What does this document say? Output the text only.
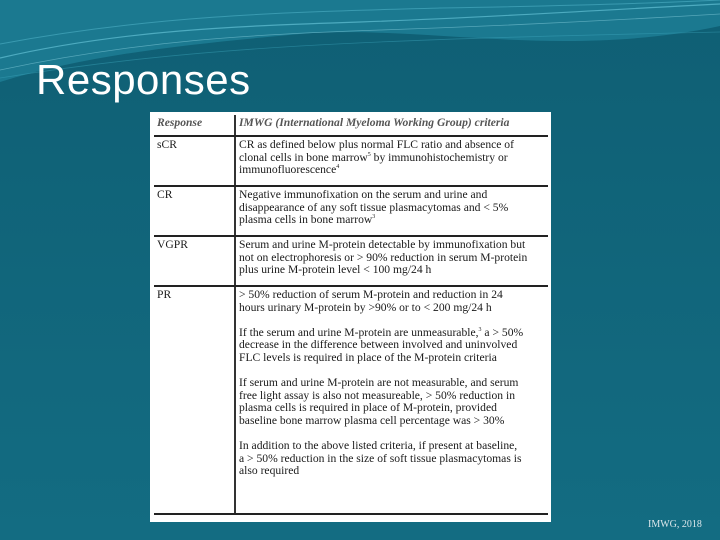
Responses
Response	IMWG (International Myeloma Working Group) criteria
sCR	CR as defined below plus normal FLC ratio and absence of
clonal cells in bone marrow$^5$ by immunohistochemistry or
immunofluorescence$^4$
CR	Negative immunofixation on the serum and urine and
disappearance of any soft tissue plasmacytomas and < 5%
plasma cells in bone marrow$^3$
VGPR	Serum and urine M-protein detectable by immunofixation but
not on electrophoresis or > 90% reduction in serum M-protein
plus urine M-protein level < 100 mg/24 h
PR	> 50% reduction of serum M-protein and reduction in 24
hours urinary M-protein by >90% or to < 200 mg/24 h
If the serum and urine M-protein are unmeasurable,$^3$ a > 50%
decrease in the difference between involved and uninvolved
FLC levels is required in place of the M-protein criteria
If serum and urine M-protein are not measurable, and serum
free light assay is also not measureable, > 50% reduction in
plasma cells is required in place of M-protein, provided
baseline bone marrow plasma cell percentage was > 30%
In addition to the above listed criteria, if present at baseline,
a > 50% reduction in the size of soft tissue plasmacytomas is
also required
IMWG, 2018
